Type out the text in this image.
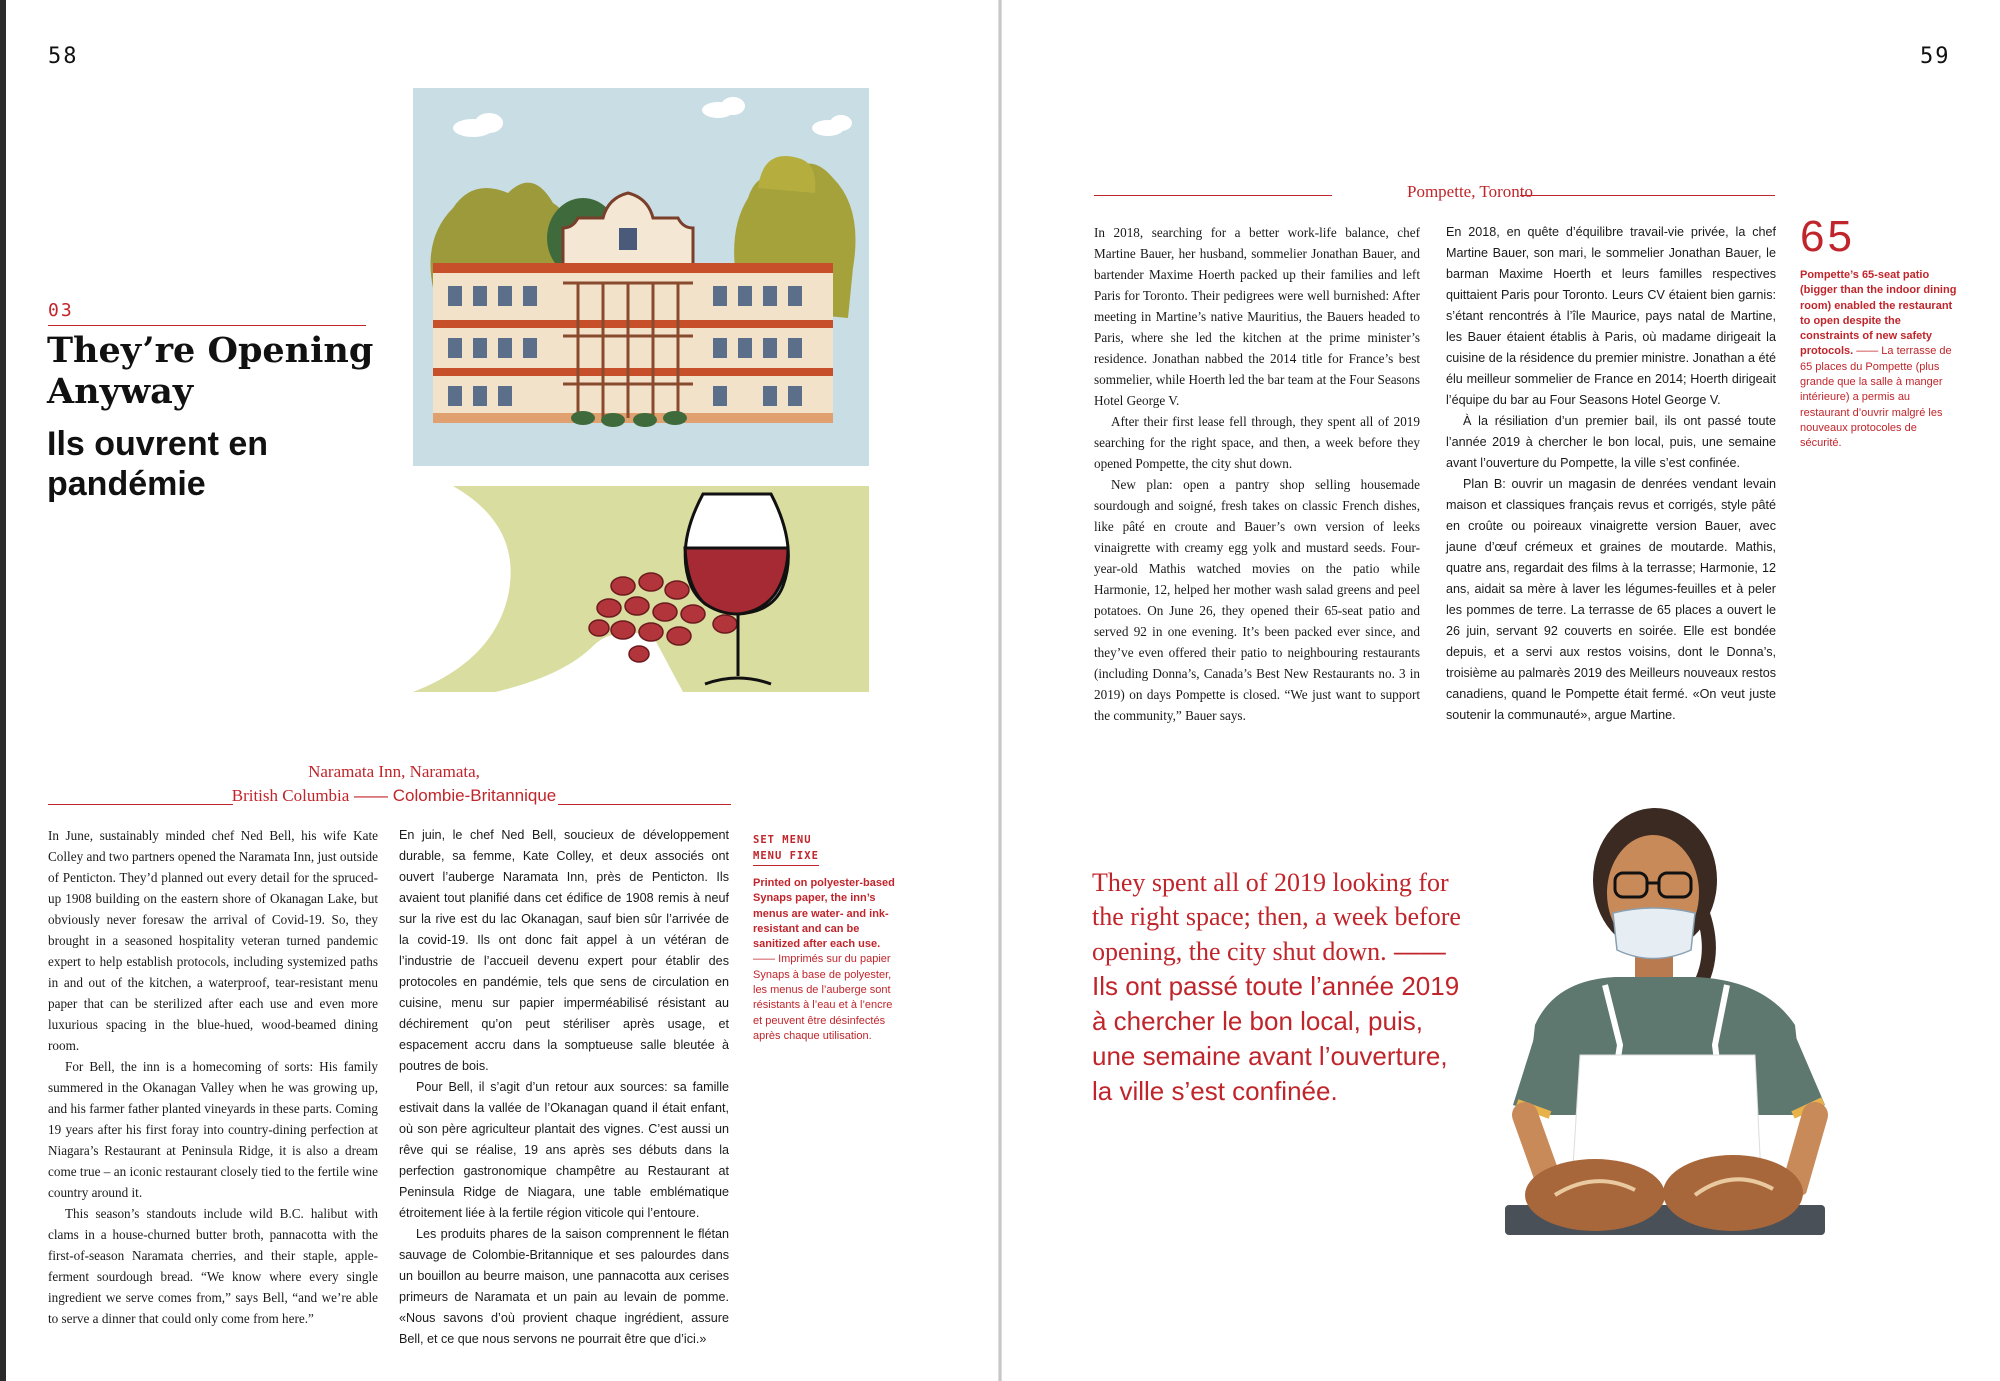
58	59
03
They’re Opening Anyway
Ils ouvrent en pandémie
Naramata Inn, Naramata,
British Columbia —— Colombie-Britannique

In June, sustainably minded chef Ned Bell, his wife Kate Colley and two partners opened the Naramata Inn, just outside of Penticton. They’d planned out every detail for the spruced-up 1908 building on the eastern shore of Okanagan Lake, but obviously never foresaw the arrival of Covid-19. So, they brought in a seasoned hospitality veteran turned pandemic expert to help establish protocols, including systemized paths in and out of the kitchen, a waterproof, tear-resistant menu paper that can be sterilized after each use and even more luxurious spacing in the blue-hued, wood-beamed dining room.

For Bell, the inn is a homecoming of sorts: His family summered in the Okanagan Valley when he was growing up, and his farmer father planted vineyards in these parts. Coming 19 years after his first foray into country-dining perfection at Niagara’s Restaurant at Peninsula Ridge, it is also a dream come true – an iconic restaurant closely tied to the fertile wine country around it.

This season’s standouts include wild B.C. halibut with clams in a house-churned butter broth, pannacotta with the first-of-season Naramata cherries, and their staple, apple-ferment sourdough bread. “We know where every single ingredient we serve comes from,” says Bell, “and we’re able to serve a dinner that could only come from here.”

En juin, le chef Ned Bell, soucieux de développement durable, sa femme, Kate Colley, et deux associés ont ouvert l’auberge Naramata Inn, près de Penticton. Ils avaient tout planifié dans cet édifice de 1908 remis à neuf sur la rive est du lac Okanagan, sauf bien sûr l’arrivée de la covid-19. Ils ont donc fait appel à un vétéran de l’industrie de l’accueil devenu expert pour établir des protocoles en pandémie, tels que sens de circulation en cuisine, menu sur papier imperméabilisé résistant au déchirement qu’on peut stériliser après usage, et espacement accru dans la somptueuse salle bleutée à poutres de bois.

Pour Bell, il s’agit d’un retour aux sources: sa famille estivait dans la vallée de l’Okanagan quand il était enfant, où son père agriculteur plantait des vignes. C’est aussi un rêve qui se réalise, 19 ans après ses débuts dans la perfection gastronomique champêtre au Restaurant at Peninsula Ridge de Niagara, une table emblématique étroitement liée à la fertile région viticole qui l’entoure.

Les produits phares de la saison comprennent le flétan sauvage de Colombie-Britannique et ses palourdes dans un bouillon au beurre maison, une pannacotta aux cerises primeurs de Naramata et un pain au levain de pomme. «Nous savons d’où provient chaque ingrédient, assure Bell, et ce que nous servons ne pourrait être que d’ici.»

SET MENU
MENU FIXE
Printed on polyester-based Synaps paper, the inn’s menus are water- and ink-resistant and can be sanitized after each use.—— Imprimés sur du papier Synaps à base de polyester, les menus de l’auberge sont résistants à l’eau et à l’encre et peuvent être désinfectés après chaque utilisation.
Pompette, Toronto

In 2018, searching for a better work-life balance, chef Martine Bauer, her husband, sommelier Jonathan Bauer, and bartender Maxime Hoerth packed up their families and left Paris for Toronto. Their pedigrees were well burnished: After meeting in Martine’s native Mauritius, the Bauers headed to Paris, where she led the kitchen at the prime minister’s residence. Jonathan nabbed the 2014 title for France’s best sommelier, while Hoerth led the bar team at the Four Seasons Hotel George V.

After their first lease fell through, they spent all of 2019 searching for the right space, and then, a week before they opened Pompette, the city shut down.

New plan: open a pantry shop selling housemade sourdough and soigné, fresh takes on classic French dishes, like pâté en croute and Bauer’s own version of leeks vinaigrette with creamy egg yolk and mustard seeds. Four-year-old Mathis watched movies on the patio while Harmonie, 12, helped her mother wash salad greens and peel potatoes. On June 26, they opened their 65-seat patio and served 92 in one evening. It’s been packed ever since, and they’ve even offered their patio to neighbouring restaurants (including Donna’s, Canada’s Best New Restaurants no. 3 in 2019) on days Pompette is closed. “We just want to support the community,” Bauer says.

En 2018, en quête d’équilibre travail-vie privée, la chef Martine Bauer, son mari, le sommelier Jonathan Bauer, le barman Maxime Hoerth et leurs familles respectives quittaient Paris pour Toronto. Leurs CV étaient bien garnis: s’étant rencontrés à l’île Maurice, pays natal de Martine, les Bauer étaient établis à Paris, où madame dirigeait la cuisine de la résidence du premier ministre. Jonathan a été élu meilleur sommelier de France en 2014; Hoerth dirigeait l’équipe du bar au Four Seasons Hotel George V.

À la résiliation d’un premier bail, ils ont passé toute l’année 2019 à chercher le bon local, puis, une semaine avant l’ouverture du Pompette, la ville s’est confinée.

Plan B: ouvrir un magasin de denrées vendant levain maison et classiques français revus et corrigés, style pâté en croûte ou poireaux vinaigrette version Bauer, avec jaune d’œuf crémeux et graines de moutarde. Mathis, quatre ans, regardait des films à la terrasse; Harmonie, 12 ans, aidait sa mère à laver les légumes-feuilles et à peler les pommes de terre. La terrasse de 65 places a ouvert le 26 juin, servant 92 couverts en soirée. Elle est bondée depuis, et a servi aux restos voisins, dont le Donna’s, troisième au palmarès 2019 des Meilleurs nouveaux restos canadiens, quand le Pompette était fermé. «On veut juste soutenir la communauté», argue Martine.

65
Pompette’s 65-seat patio (bigger than the indoor dining room) enabled the restaurant to open despite the constraints of new safety protocols. —— La terrasse de 65 places du Pompette (plus grande que la salle à manger intérieure) a permis au restaurant d’ouvrir malgré les nouveaux protocoles de sécurité.
They spent all of 2019 looking for the right space; then, a week before opening, the city shut down. —— Ils ont passé toute l’année 2019 à chercher le bon local, puis, une semaine avant l’ouverture, la ville s’est confinée.
